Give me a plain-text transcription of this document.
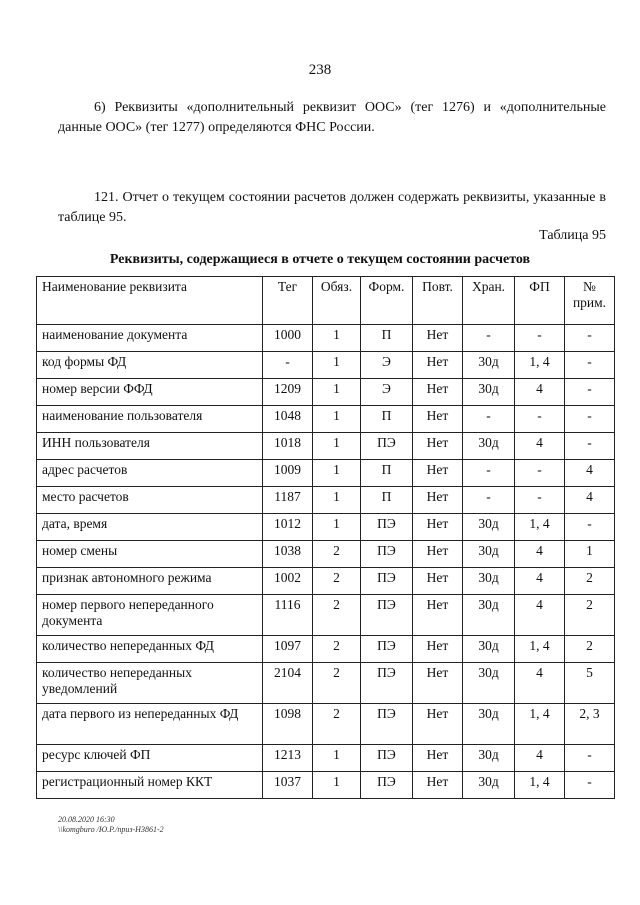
238
6) Реквизиты «дополнительный реквизит ООС» (тег 1276) и «дополнительные данные ООС» (тег 1277) определяются ФНС России.
121. Отчет о текущем состоянии расчетов должен содержать реквизиты, указанные в таблице 95.
Таблица 95
Реквизиты, содержащиеся в отчете о текущем состоянии расчетов
Наименование реквизита	Тег	Обяз.	Форм.	Повт.	Хран.	ФП	№ прим.
наименование документа	1000	1	П	Нет	-	-	-
код формы ФД	-	1	Э	Нет	30д	1, 4	-
номер версии ФФД	1209	1	Э	Нет	30д	4	-
наименование пользователя	1048	1	П	Нет	-	-	-
ИНН пользователя	1018	1	ПЭ	Нет	30д	4	-
адрес расчетов	1009	1	П	Нет	-	-	4
место расчетов	1187	1	П	Нет	-	-	4
дата, время	1012	1	ПЭ	Нет	30д	1, 4	-
номер смены	1038	2	ПЭ	Нет	30д	4	1
признак автономного режима	1002	2	ПЭ	Нет	30д	4	2
номер первого непереданного документа	1116	2	ПЭ	Нет	30д	4	2
количество непереданных ФД	1097	2	ПЭ	Нет	30д	1, 4	2
количество непереданных уведомлений	2104	2	ПЭ	Нет	30д	4	5
дата первого из непереданных ФД	1098	2	ПЭ	Нет	30д	1, 4	2, 3
ресурс ключей ФП	1213	1	ПЭ	Нет	30д	4	-
регистрационный номер ККТ	1037	1	ПЭ	Нет	30д	1, 4	-
20.08.2020 16:30
\\komgburo /Ю.Р./приз-Н3861-2
